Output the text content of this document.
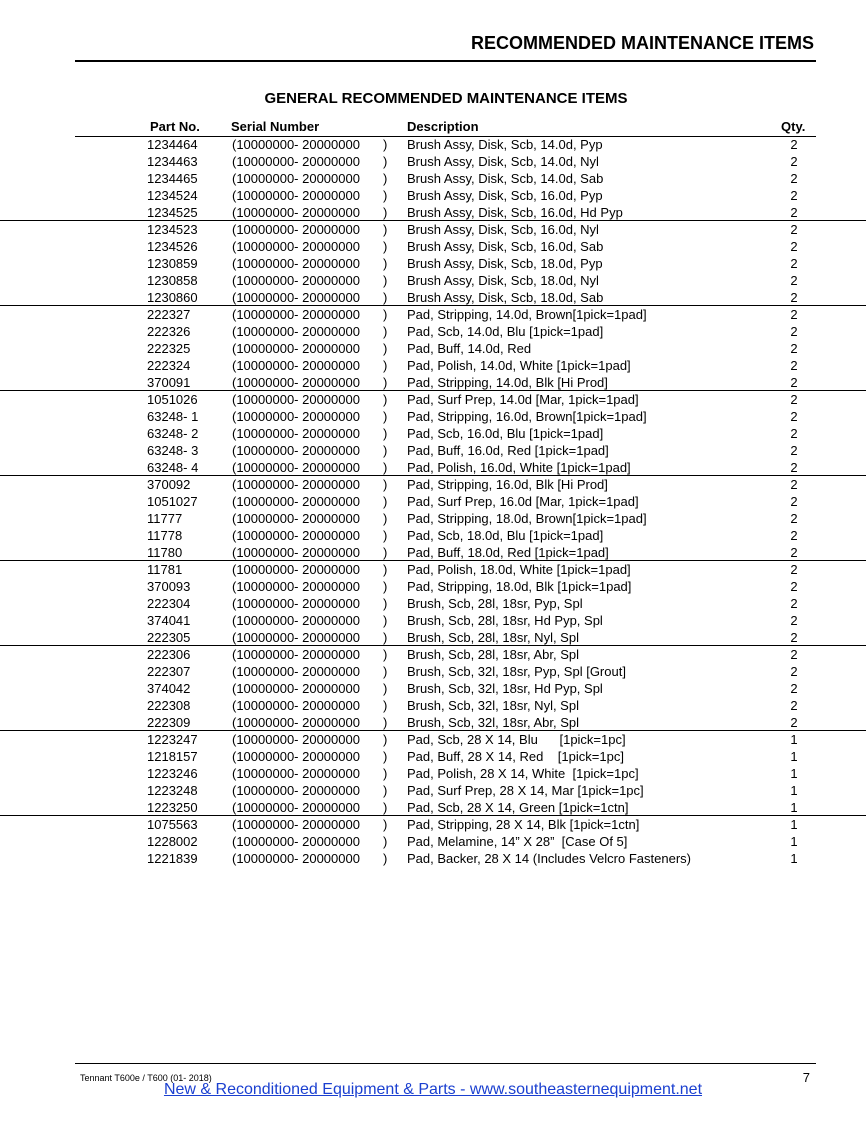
RECOMMENDED MAINTENANCE ITEMS
GENERAL RECOMMENDED MAINTENANCE ITEMS
Part No. Serial Number	Description	Qty.
1234464	(10000000- 20000000 ) Brush Assy, Disk, Scb, 14.0d, Pyp	2
1234463	(10000000- 20000000 ) Brush Assy, Disk, Scb, 14.0d, Nyl	2
1234465	(10000000- 20000000 ) Brush Assy, Disk, Scb, 14.0d, Sab	2
1234524	(10000000- 20000000 ) Brush Assy, Disk, Scb, 16.0d, Pyp	2
1234525	(10000000- 20000000 ) Brush Assy, Disk, Scb, 16.0d, Hd Pyp	2
1234523	(10000000- 20000000 ) Brush Assy, Disk, Scb, 16.0d, Nyl	2
1234526	(10000000- 20000000 ) Brush Assy, Disk, Scb, 16.0d, Sab	2
1230859	(10000000- 20000000 ) Brush Assy, Disk, Scb, 18.0d, Pyp	2
1230858	(10000000- 20000000 ) Brush Assy, Disk, Scb, 18.0d, Nyl	2
1230860	(10000000- 20000000 ) Brush Assy, Disk, Scb, 18.0d, Sab	2
222327	(10000000- 20000000 ) Pad, Stripping, 14.0d, Brown[1pick=1pad]	2
222326	(10000000- 20000000 ) Pad, Scb, 14.0d, Blu [1pick=1pad]	2
222325	(10000000- 20000000 ) Pad, Buff, 14.0d, Red	2
222324	(10000000- 20000000 ) Pad, Polish, 14.0d, White [1pick=1pad]	2
370091	(10000000- 20000000 ) Pad, Stripping, 14.0d, Blk [Hi Prod]	2
1051026	(10000000- 20000000 ) Pad, Surf Prep, 14.0d [Mar, 1pick=1pad]	2
63248- 1	(10000000- 20000000 ) Pad, Stripping, 16.0d, Brown[1pick=1pad]	2
63248- 2	(10000000- 20000000 ) Pad, Scb, 16.0d, Blu [1pick=1pad]	2
63248- 3	(10000000- 20000000 ) Pad, Buff, 16.0d, Red [1pick=1pad]	2
63248- 4	(10000000- 20000000 ) Pad, Polish, 16.0d, White [1pick=1pad]	2
370092	(10000000- 20000000 ) Pad, Stripping, 16.0d, Blk [Hi Prod]	2
1051027	(10000000- 20000000 ) Pad, Surf Prep, 16.0d [Mar, 1pick=1pad]	2
11777	(10000000- 20000000 ) Pad, Stripping, 18.0d, Brown[1pick=1pad]	2
11778	(10000000- 20000000 ) Pad, Scb, 18.0d, Blu [1pick=1pad]	2
11780	(10000000- 20000000 ) Pad, Buff, 18.0d, Red [1pick=1pad]	2
11781	(10000000- 20000000 ) Pad, Polish, 18.0d, White [1pick=1pad]	2
370093	(10000000- 20000000 ) Pad, Stripping, 18.0d, Blk [1pick=1pad]	2
222304	(10000000- 20000000 ) Brush, Scb, 28l, 18sr, Pyp, Spl	2
374041	(10000000- 20000000 ) Brush, Scb, 28l, 18sr, Hd Pyp, Spl	2
222305	(10000000- 20000000 ) Brush, Scb, 28l, 18sr, Nyl, Spl	2
222306	(10000000- 20000000 ) Brush, Scb, 28l, 18sr, Abr, Spl	2
222307	(10000000- 20000000 ) Brush, Scb, 32l, 18sr, Pyp, Spl [Grout]	2
374042	(10000000- 20000000 ) Brush, Scb, 32l, 18sr, Hd Pyp, Spl	2
222308	(10000000- 20000000 ) Brush, Scb, 32l, 18sr, Nyl, Spl	2
222309	(10000000- 20000000 ) Brush, Scb, 32l, 18sr, Abr, Spl	2
1223247	(10000000- 20000000 ) Pad, Scb, 28 X 14, Blu      [1pick=1pc]	1
1218157	(10000000- 20000000 ) Pad, Buff, 28 X 14, Red    [1pick=1pc]	1
1223246	(10000000- 20000000 ) Pad, Polish, 28 X 14, White  [1pick=1pc]	1
1223248	(10000000- 20000000 ) Pad, Surf Prep, 28 X 14, Mar [1pick=1pc]	1
1223250	(10000000- 20000000 ) Pad, Scb, 28 X 14, Green [1pick=1ctn]	1
1075563	(10000000- 20000000 ) Pad, Stripping, 28 X 14, Blk [1pick=1ctn]	1
1228002	(10000000- 20000000 ) Pad, Melamine, 14” X 28”  [Case Of 5]	1
1221839	(10000000- 20000000 ) Pad, Backer, 28 X 14 (Includes Velcro Fasteners)	1
Tennant T600e / T600 (01- 2018)	7
New & Reconditioned Equipment & Parts - www.southeasternequipment.net
